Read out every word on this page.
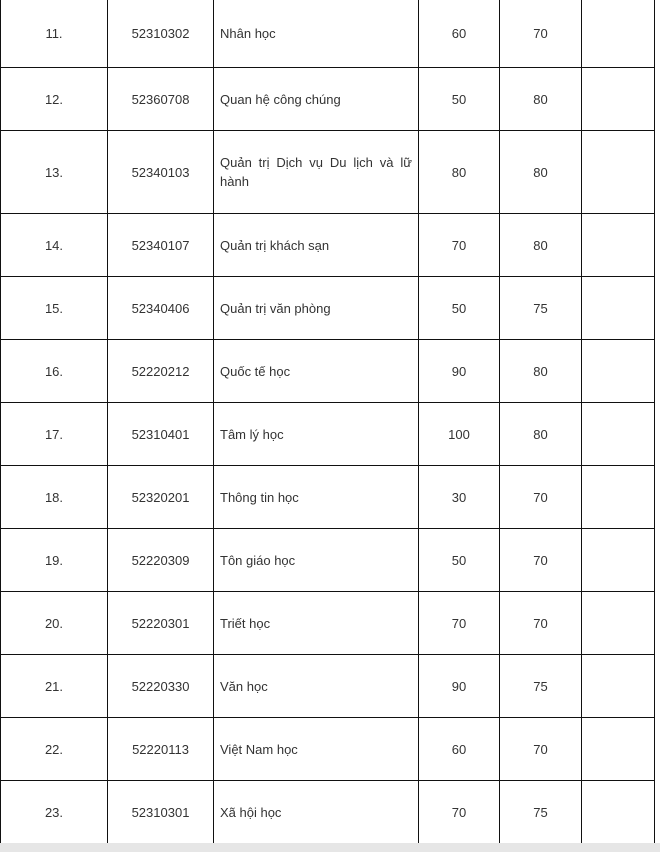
11.	52310302	Nhân học	60	70	
12.	52360708	Quan hệ công chúng	50	80	
13.	52340103	Quản trị Dịch vụ Du lịch và lữ hành	80	80	
14.	52340107	Quản trị khách sạn	70	80	
15.	52340406	Quản trị văn phòng	50	75	
16.	52220212	Quốc tế học	90	80	
17.	52310401	Tâm lý học	100	80	
18.	52320201	Thông tin học	30	70	
19.	52220309	Tôn giáo học	50	70	
20.	52220301	Triết học	70	70	
21.	52220330	Văn học	90	75	
22.	52220113	Việt Nam học	60	70	
23.	52310301	Xã hội học	70	75	
